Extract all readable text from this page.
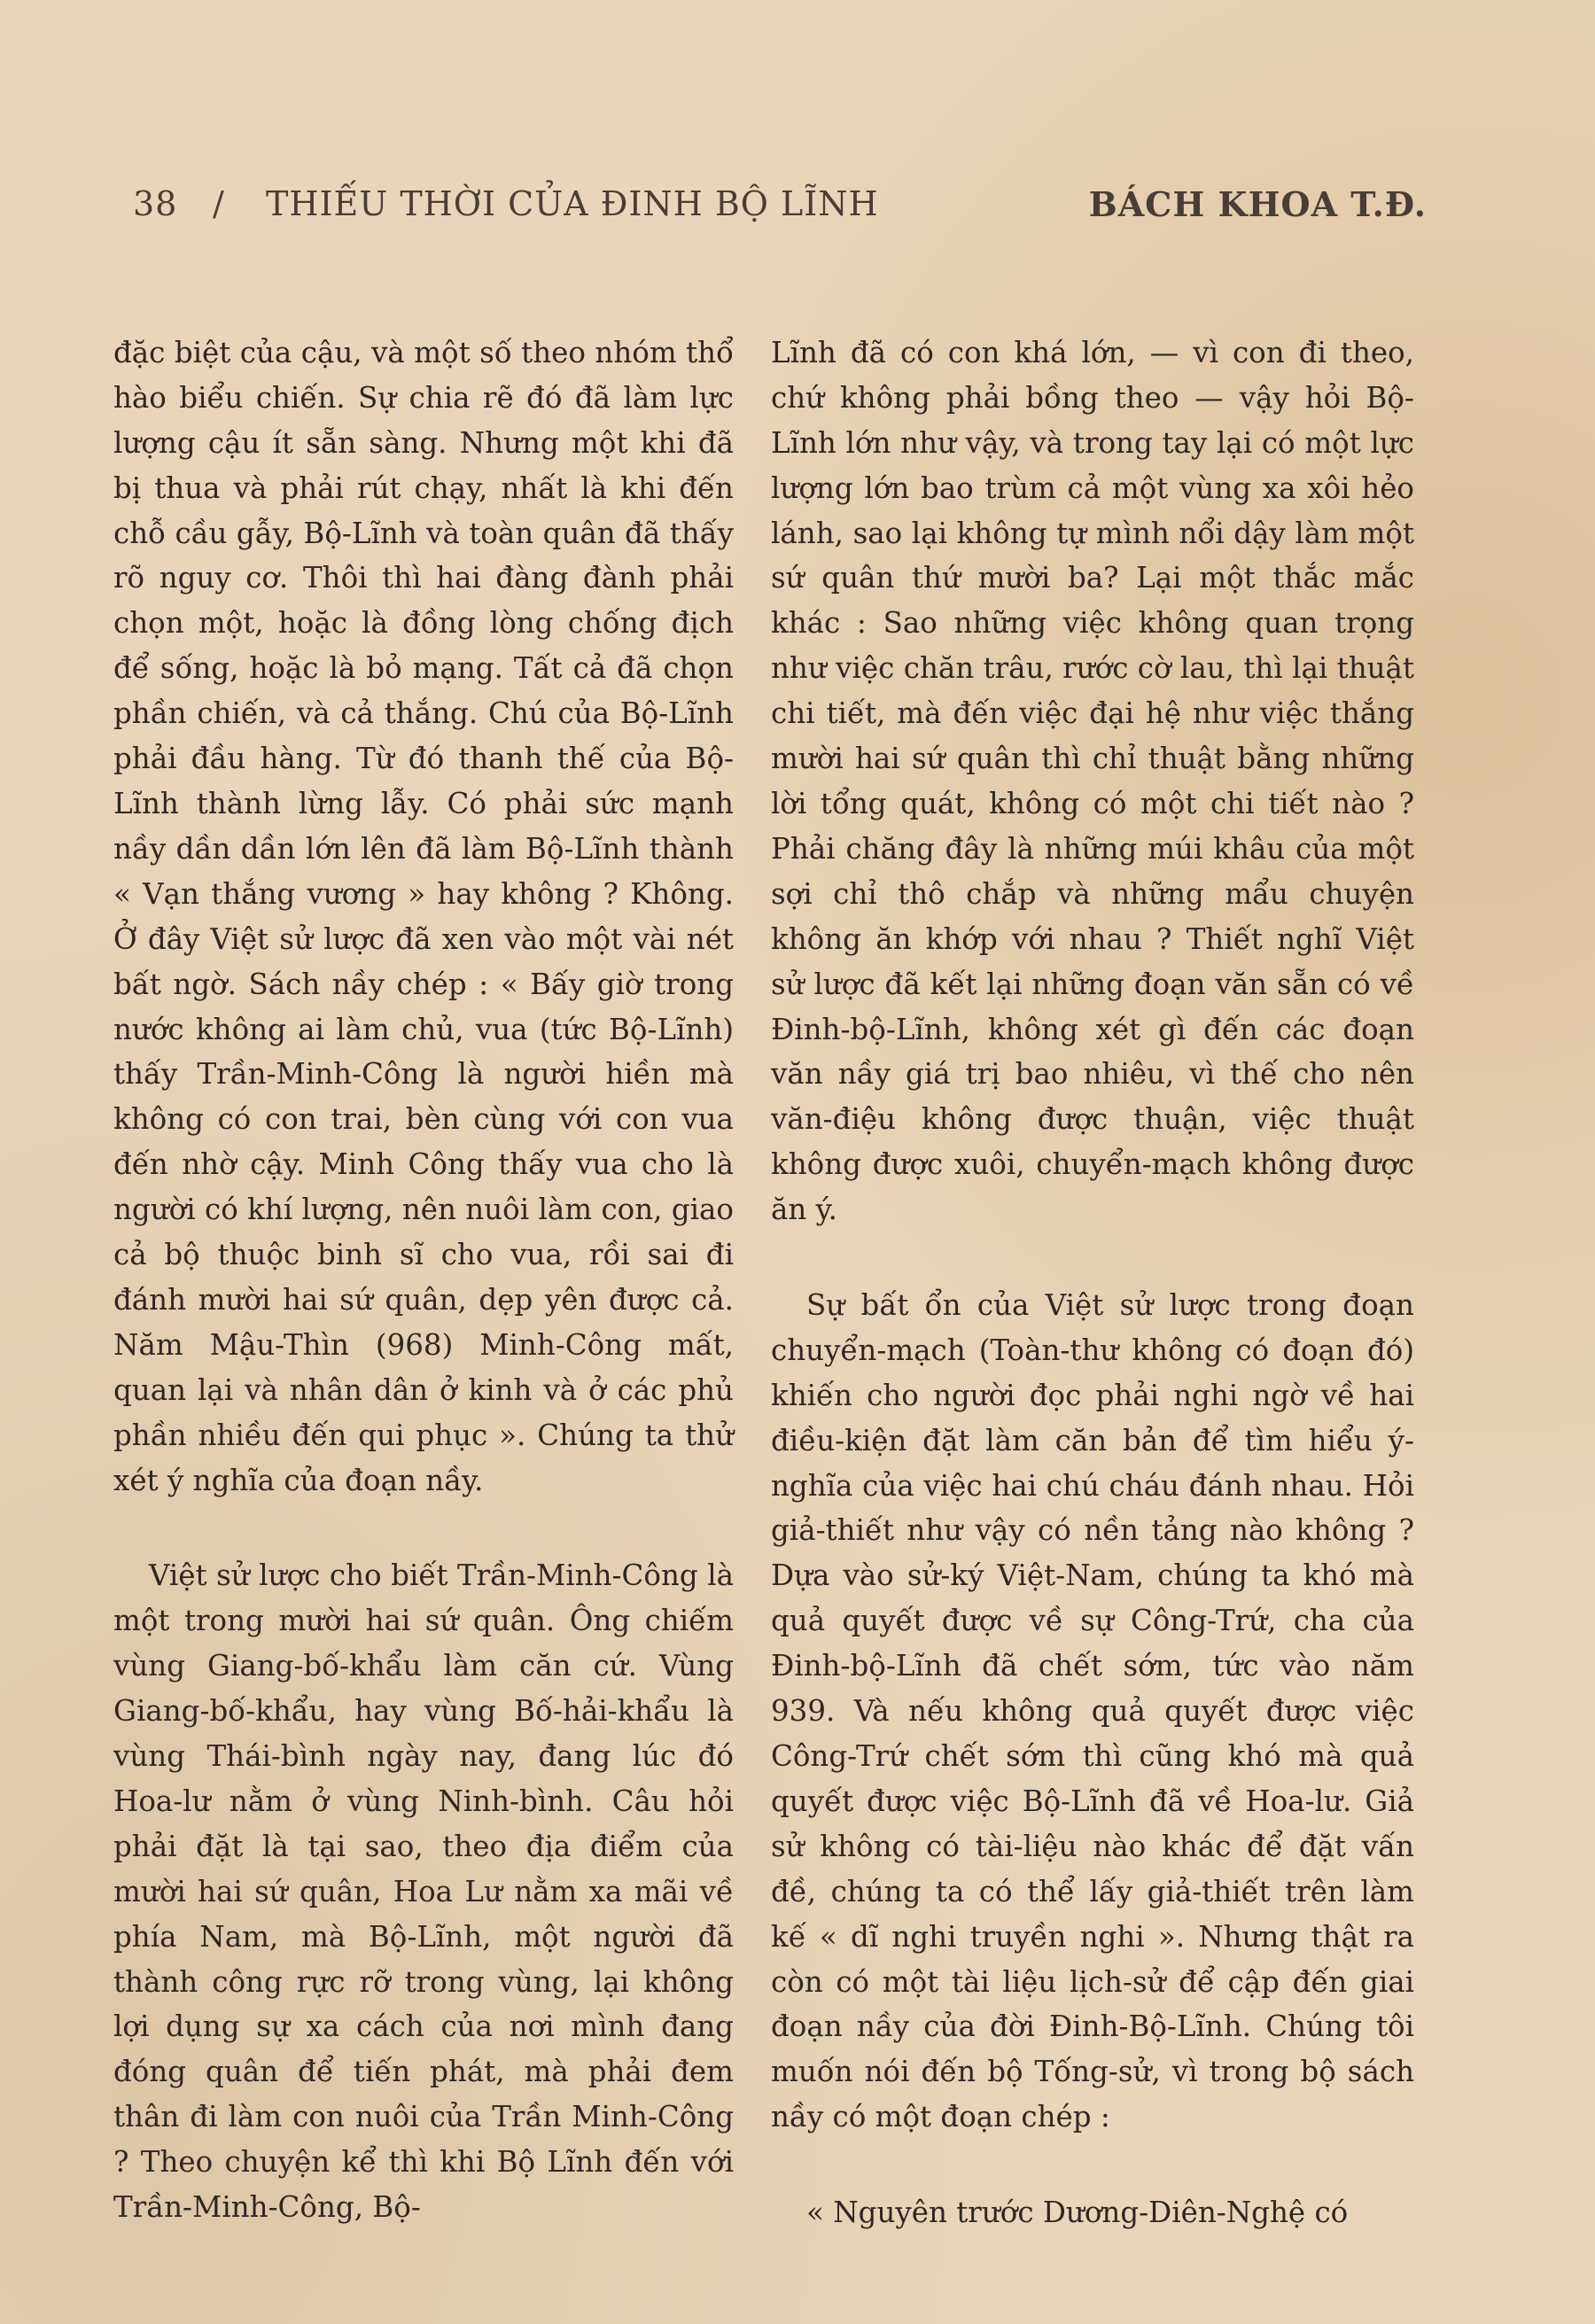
38 / THIẾU THỜI CỦA ĐINH BỘ LĨNH	BÁCH KHOA T.Đ.

đặc biệt của cậu, và một số theo nhóm thổ hào biểu chiến. Sự chia rẽ đó đã làm lực lượng cậu ít sẵn sàng. Nhưng một khi đã bị thua và phải rút chạy, nhất là khi đến chỗ cầu gẫy, Bộ-Lĩnh và toàn quân đã thấy rõ nguy cơ. Thôi thì hai đàng đành phải chọn một, hoặc là đồng lòng chống địch để sống, hoặc là bỏ mạng. Tất cả đã chọn phần chiến, và cả thắng. Chú của Bộ-Lĩnh phải đầu hàng. Từ đó thanh thế của Bộ-Lĩnh thành lừng lẫy. Có phải sức mạnh nầy dần dần lớn lên đã làm Bộ-Lĩnh thành « Vạn thắng vương » hay không ? Không. Ở đây Việt sử lược đã xen vào một vài nét bất ngờ. Sách nầy chép : « Bấy giờ trong nước không ai làm chủ, vua (tức Bộ-Lĩnh) thấy Trần-Minh-Công là người hiền mà không có con trai, bèn cùng với con vua đến nhờ cậy. Minh Công thấy vua cho là người có khí lượng, nên nuôi làm con, giao cả bộ thuộc binh sĩ cho vua, rồi sai đi đánh mười hai sứ quân, dẹp yên được cả. Năm Mậu-Thìn (968) Minh-Công mất, quan lại và nhân dân ở kinh và ở các phủ phần nhiều đến qui phục ». Chúng ta thử xét ý nghĩa của đoạn nầy.

Việt sử lược cho biết Trần-Minh-Công là một trong mười hai sứ quân. Ông chiếm vùng Giang-bố-khẩu làm căn cứ. Vùng Giang-bố-khẩu, hay vùng Bố-hải-khẩu là vùng Thái-bình ngày nay, đang lúc đó Hoa-lư nằm ở vùng Ninh-bình. Câu hỏi phải đặt là tại sao, theo địa điểm của mười hai sứ quân, Hoa Lư nằm xa mãi về phía Nam, mà Bộ-Lĩnh, một người đã thành công rực rỡ trong vùng, lại không lợi dụng sự xa cách của nơi mình đang đóng quân để tiến phát, mà phải đem thân đi làm con nuôi của Trần Minh-Công ? Theo chuyện kể thì khi Bộ Lĩnh đến với Trần-Minh-Công, Bộ-

Lĩnh đã có con khá lớn, — vì con đi theo, chứ không phải bồng theo — vậy hỏi Bộ-Lĩnh lớn như vậy, và trong tay lại có một lực lượng lớn bao trùm cả một vùng xa xôi hẻo lánh, sao lại không tự mình nổi dậy làm một sứ quân thứ mười ba? Lại một thắc mắc khác : Sao những việc không quan trọng như việc chăn trâu, rước cờ lau, thì lại thuật chi tiết, mà đến việc đại hệ như việc thắng mười hai sứ quân thì chỉ thuật bằng những lời tổng quát, không có một chi tiết nào ? Phải chăng đây là những múi khâu của một sợi chỉ thô chắp và những mẩu chuyện không ăn khớp với nhau ? Thiết nghĩ Việt sử lược đã kết lại những đoạn văn sẵn có về Đinh-bộ-Lĩnh, không xét gì đến các đoạn văn nầy giá trị bao nhiêu, vì thế cho nên văn-điệu không được thuận, việc thuật không được xuôi, chuyển-mạch không được ăn ý.

Sự bất ổn của Việt sử lược trong đoạn chuyển-mạch (Toàn-thư không có đoạn đó) khiến cho người đọc phải nghi ngờ về hai điều-kiện đặt làm căn bản để tìm hiểu ý-nghĩa của việc hai chú cháu đánh nhau. Hỏi giả-thiết như vậy có nền tảng nào không ? Dựa vào sử-ký Việt-Nam, chúng ta khó mà quả quyết được về sự Công-Trứ, cha của Đinh-bộ-Lĩnh đã chết sớm, tức vào năm 939. Và nếu không quả quyết được việc Công-Trứ chết sớm thì cũng khó mà quả quyết được việc Bộ-Lĩnh đã về Hoa-lư. Giả sử không có tài-liệu nào khác để đặt vấn đề, chúng ta có thể lấy giả-thiết trên làm kế « dĩ nghi truyền nghi ». Nhưng thật ra còn có một tài liệu lịch-sử để cập đến giai đoạn nầy của đời Đinh-Bộ-Lĩnh. Chúng tôi muốn nói đến bộ Tống-sử, vì trong bộ sách nầy có một đoạn chép :

« Nguyên trước Dương-Diên-Nghệ có
